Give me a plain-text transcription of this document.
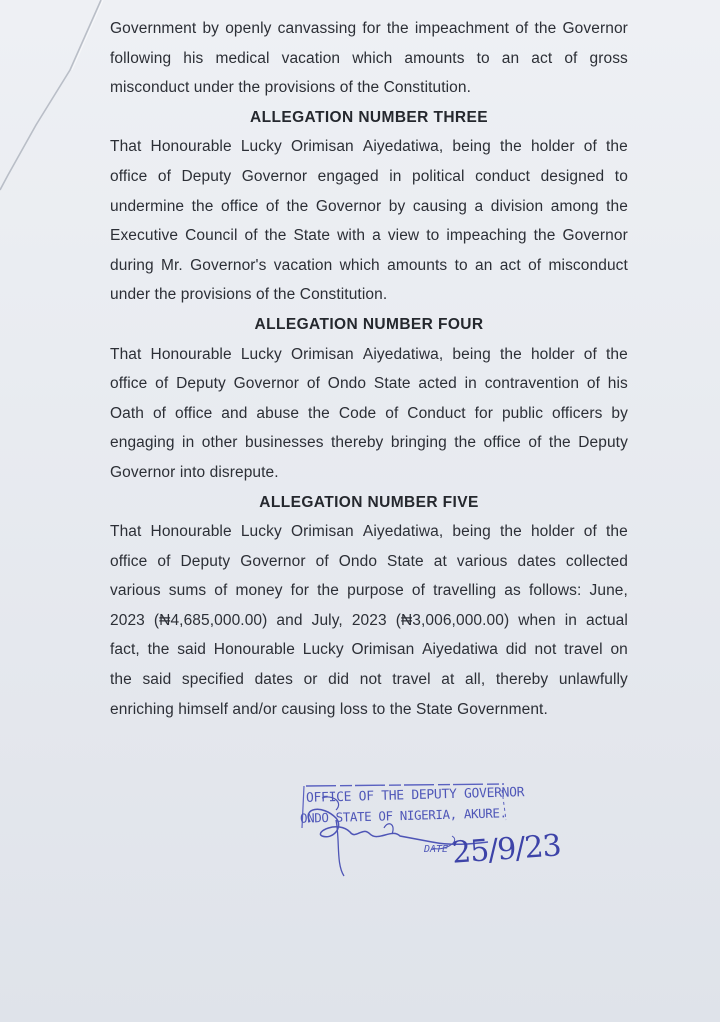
Government by openly canvassing for the impeachment of the Governor
following his medical vacation which amounts to an act of gross
misconduct under the provisions of the Constitution.
ALLEGATION NUMBER THREE
That Honourable Lucky Orimisan Aiyedatiwa, being the holder of the
office of Deputy Governor engaged in political conduct designed to
undermine the office of the Governor by causing a division among the
Executive Council of the State with a view to impeaching the Governor
during Mr. Governor's vacation which amounts to an act of misconduct
under the provisions of the Constitution.
ALLEGATION NUMBER FOUR
That Honourable Lucky Orimisan Aiyedatiwa, being the holder of the
office of Deputy Governor of Ondo State acted in contravention of his
Oath of office and abuse the Code of Conduct for public officers by
engaging in other businesses thereby bringing the office of the Deputy
Governor into disrepute.
ALLEGATION NUMBER FIVE
That Honourable Lucky Orimisan Aiyedatiwa, being the holder of the
office of Deputy Governor of Ondo State at various dates collected
various sums of money for the purpose of travelling as follows: June,
2023 (₦4,685,000.00) and July, 2023 (₦3,006,000.00) when in actual
fact, the said Honourable Lucky Orimisan Aiyedatiwa did not travel on
the said specified dates or did not travel at all, thereby unlawfully
enriching himself and/or causing loss to the State Government.
OFFICE OF THE DEPUTY GOVERNOR
ONDO STATE OF NIGERIA, AKURE.
DATE 25/9/23
